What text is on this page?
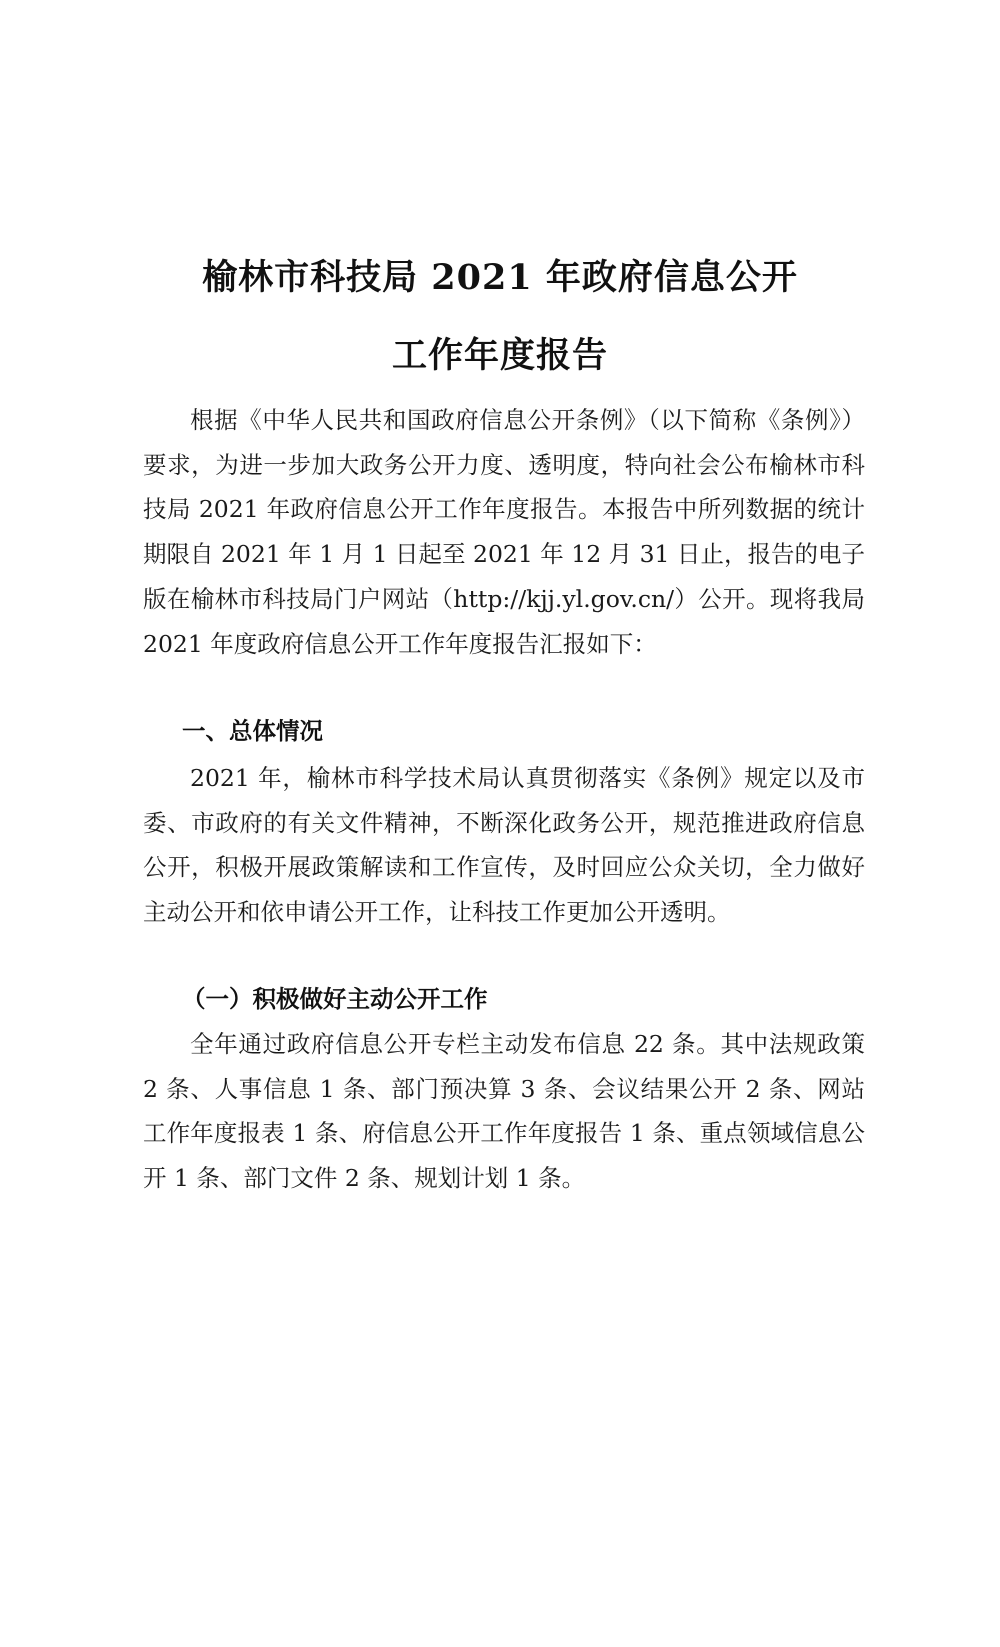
榆林市科技局 2021 年政府信息公开
工作年度报告

根据《中华人民共和国政府信息公开条例》（以下简称《条例》）要求，为进一步加大政务公开力度、透明度，特向社会公布榆林市科技局 2021 年政府信息公开工作年度报告。本报告中所列数据的统计期限自 2021 年 1 月 1 日起至 2021 年 12 月 31 日止，报告的电子版在榆林市科技局门户网站（http://kjj.yl.gov.cn/）公开。现将我局 2021 年度政府信息公开工作年度报告汇报如下：

一、总体情况

2021 年，榆林市科学技术局认真贯彻落实《条例》规定以及市委、市政府的有关文件精神，不断深化政务公开，规范推进政府信息公开，积极开展政策解读和工作宣传，及时回应公众关切，全力做好主动公开和依申请公开工作，让科技工作更加公开透明。

（一）积极做好主动公开工作

全年通过政府信息公开专栏主动发布信息 22 条。其中法规政策 2 条、人事信息 1 条、部门预决算 3 条、会议结果公开 2 条、网站工作年度报表 1 条、府信息公开工作年度报告 1 条、重点领域信息公开 1 条、部门文件 2 条、规划计划 1 条。
